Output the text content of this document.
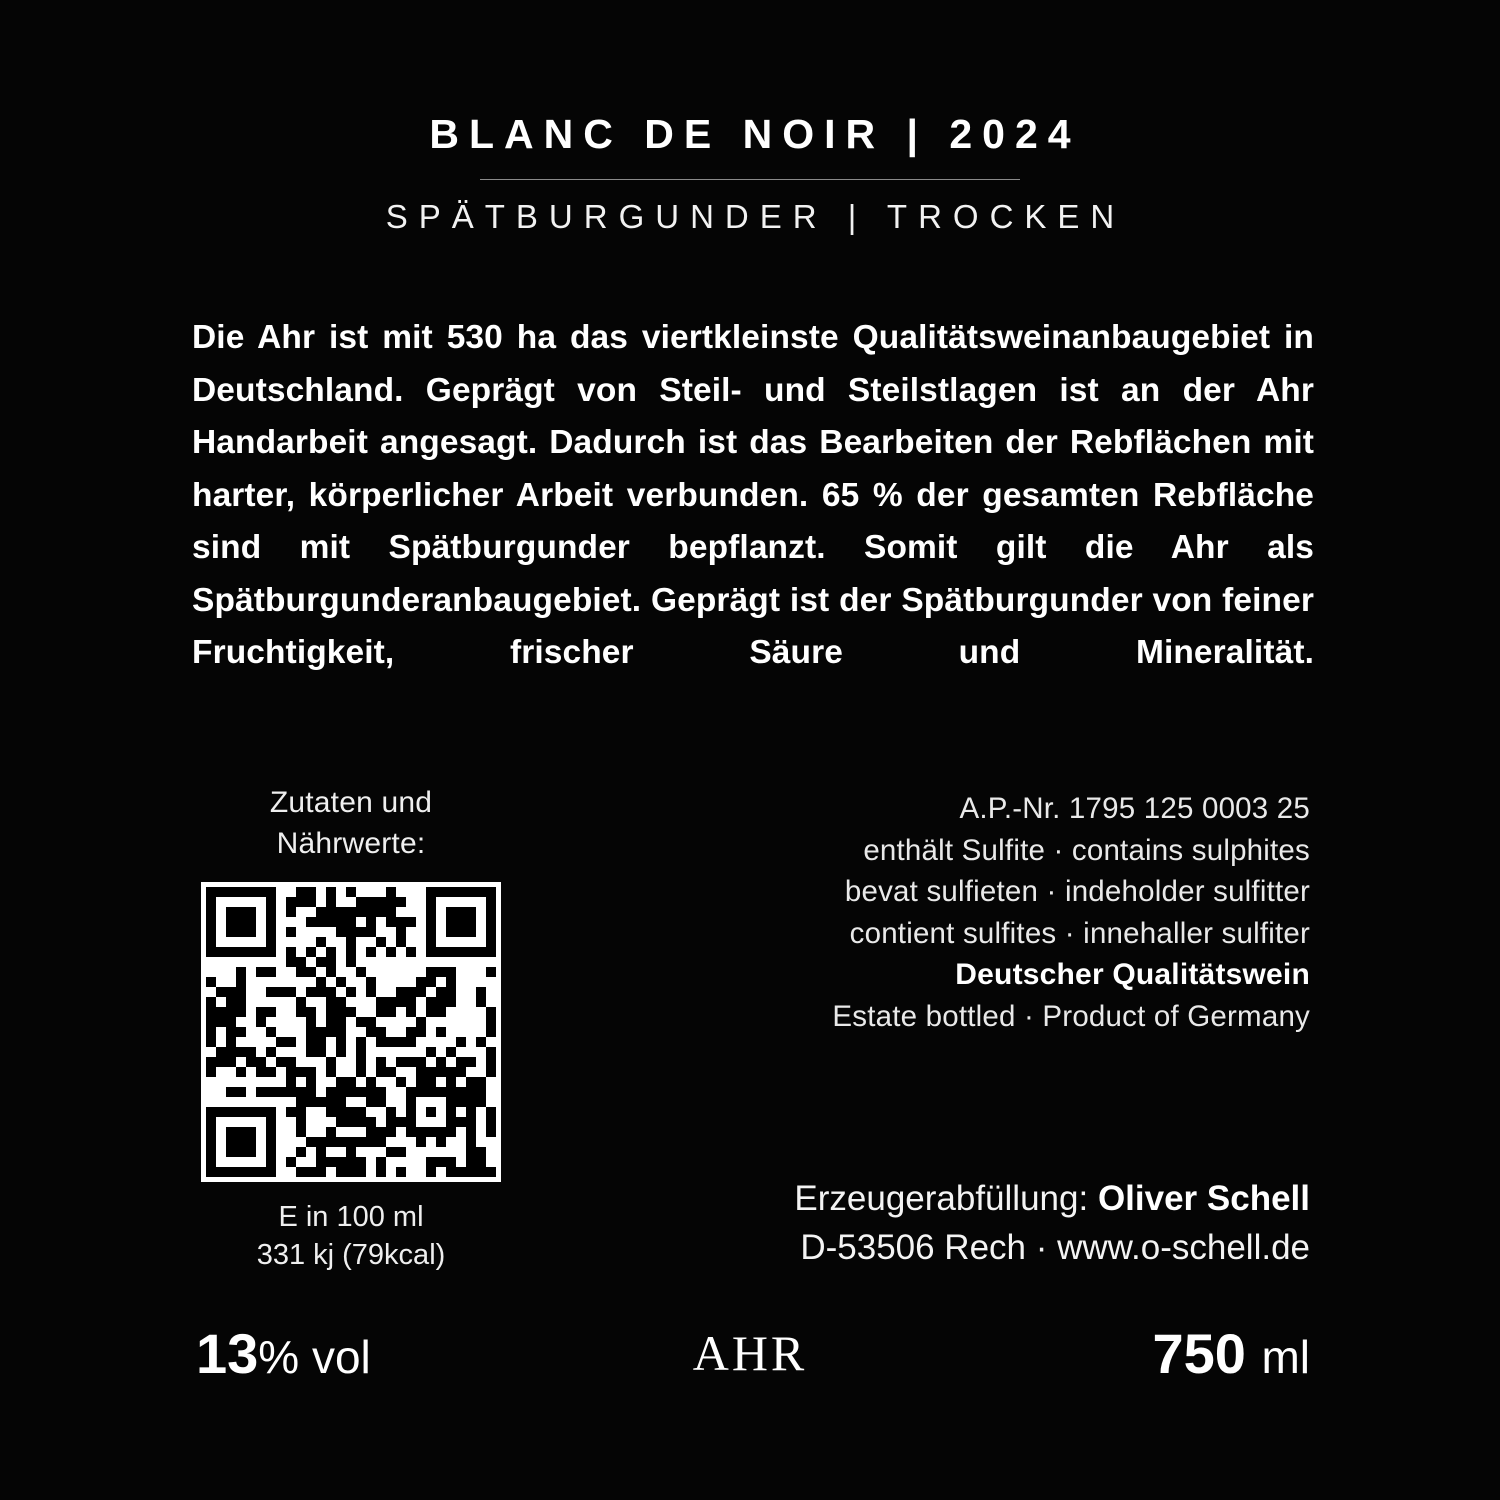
BLANC DE NOIR | 2024
SPÄTBURGUNDER | TROCKEN
Die Ahr ist mit 530 ha das viertkleinste Qualitätsweinanbaugebiet in Deutschland. Geprägt von Steil- und Steilstlagen ist an der Ahr Handarbeit angesagt. Dadurch ist das Bearbeiten der Rebflächen mit harter, körperlicher Arbeit verbunden. 65 % der gesamten Rebfläche sind mit Spätburgunder bepflanzt. Somit gilt die Ahr als Spätburgunderanbaugebiet. Geprägt ist der Spätburgunder von feiner Fruchtigkeit, frischer Säure und Mineralität.
Zutaten und
Nährwerte:
E in 100 ml
331 kj (79kcal)
A.P.-Nr. 1795 125 0003 25
enthält Sulfite · contains sulphites
bevat sulfieten · indeholder sulfitter
contient sulfites · innehaller sulfiter
Deutscher Qualitätswein
Estate bottled · Product of Germany
Erzeugerabfüllung: Oliver Schell
D-53506 Rech · www.o-schell.de
13% vol	AHR	750 ml
